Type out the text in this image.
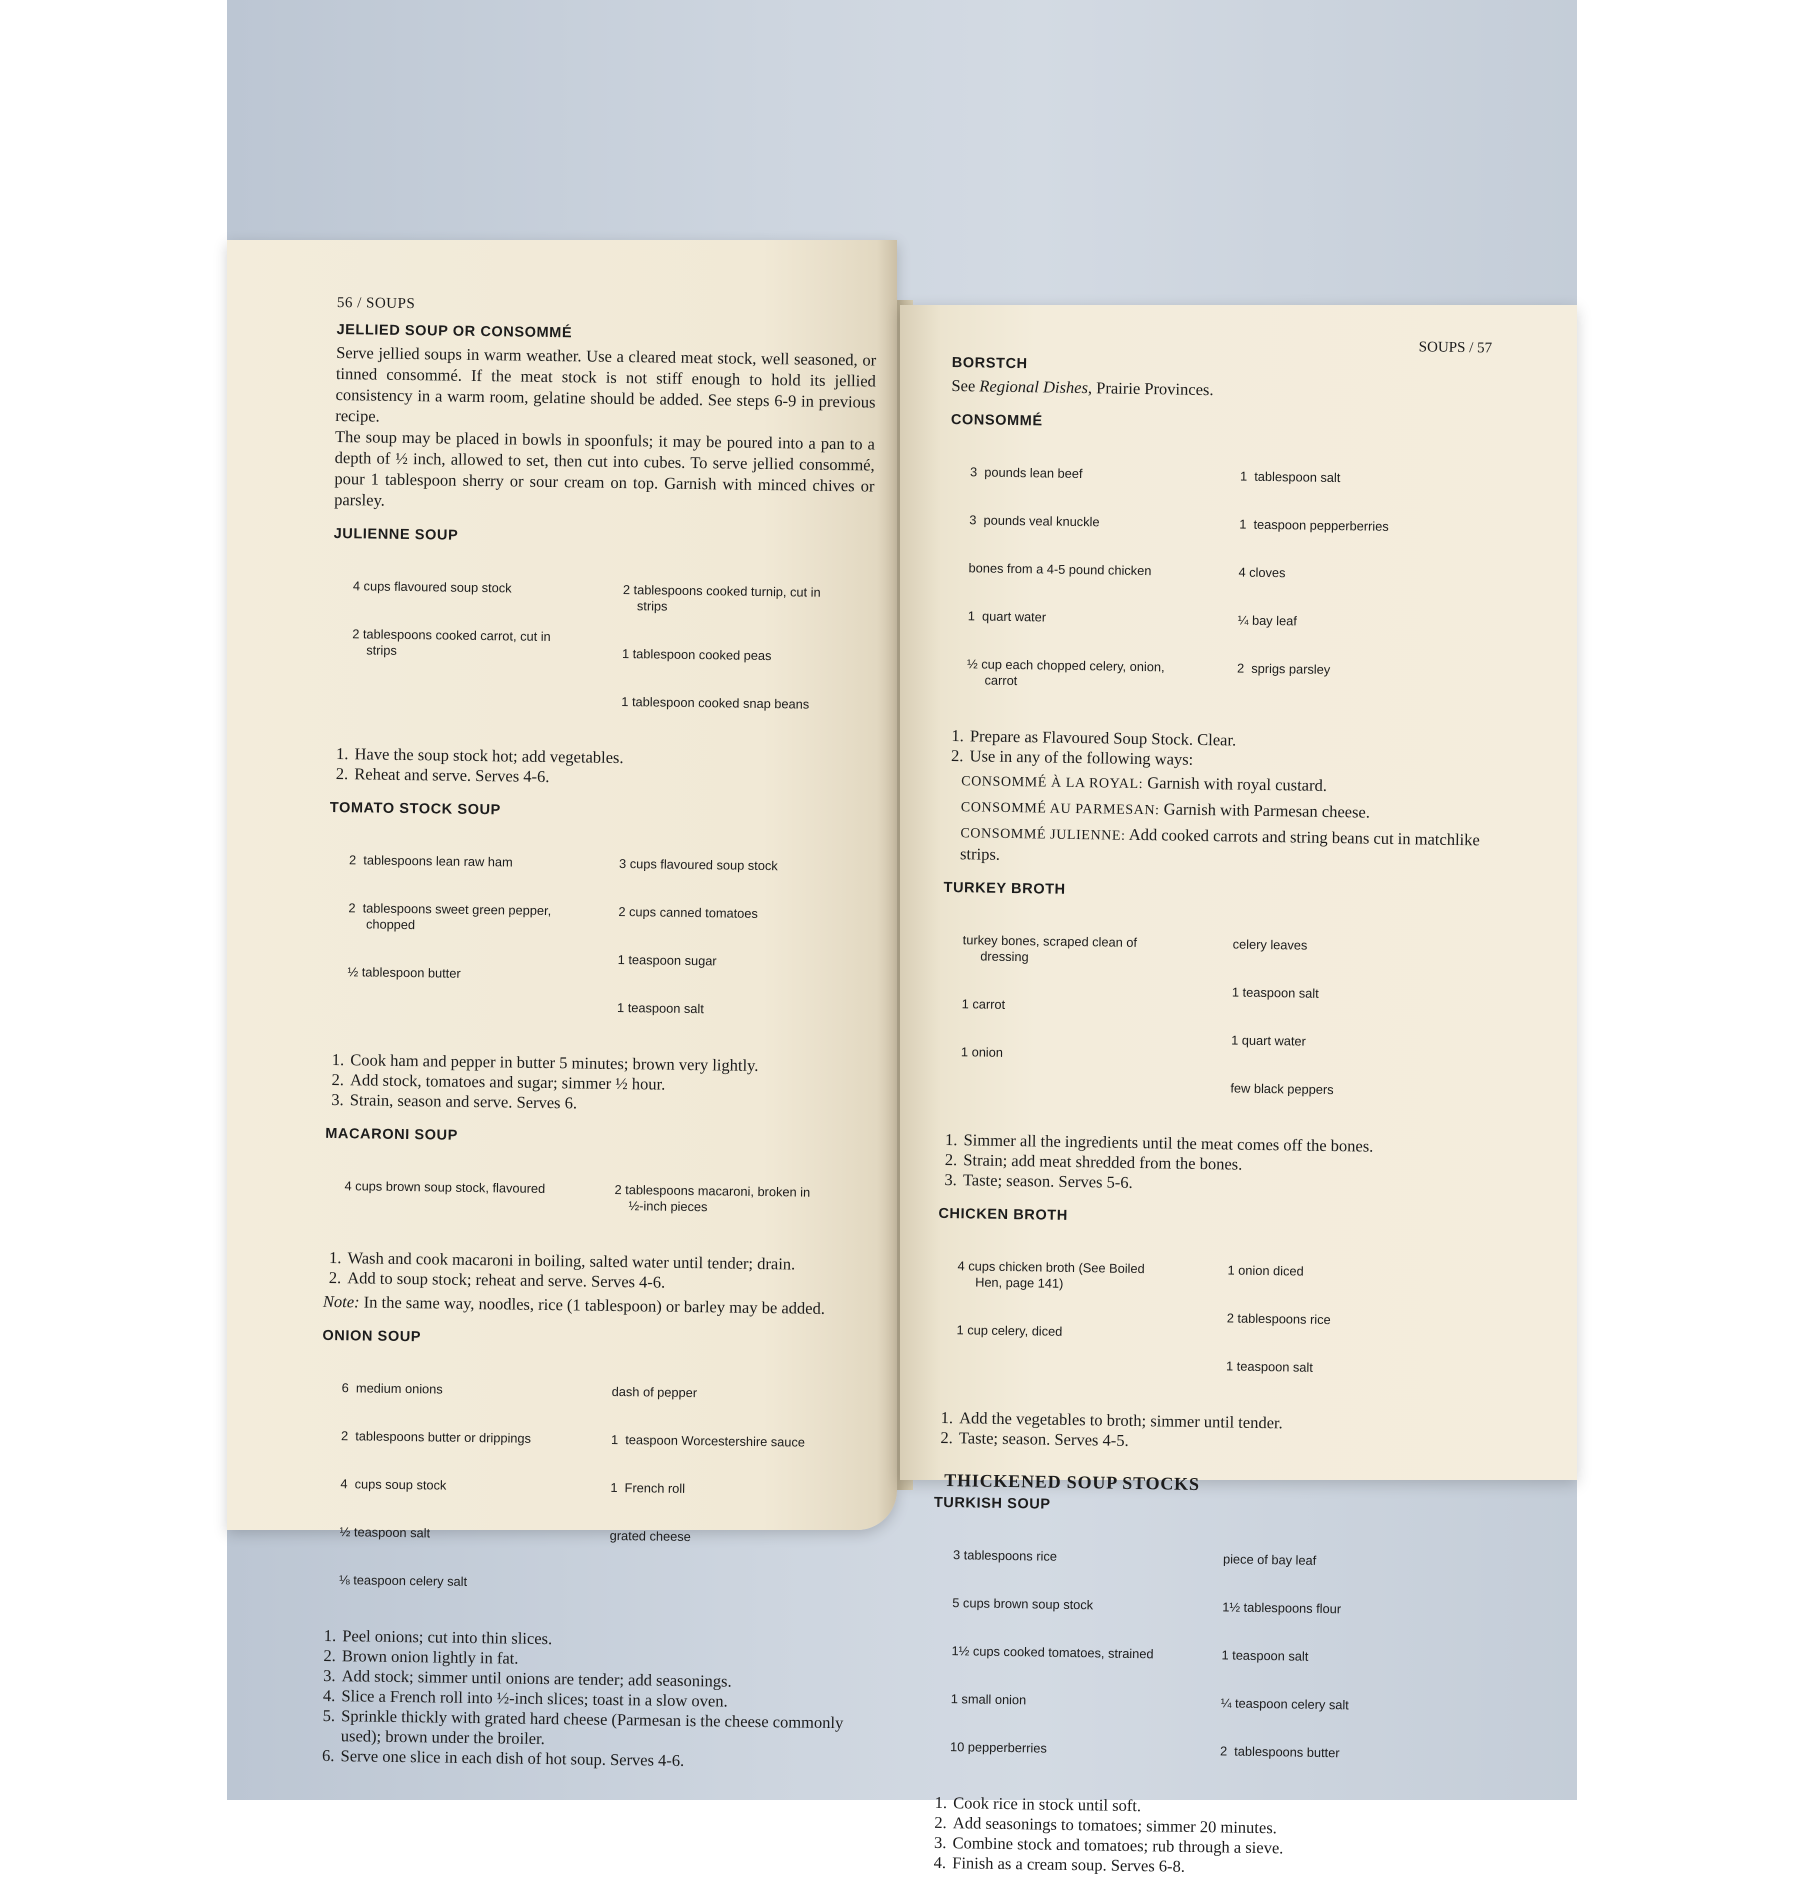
56 / SOUPS
JELLIED SOUP OR CONSOMMÉ

Serve jellied soups in warm weather. Use a cleared meat stock, well seasoned, or tinned consommé. If the meat stock is not stiff enough to hold its jellied consistency in a warm room, gelatine should be added. See steps 6-9 in previous recipe.

The soup may be placed in bowls in spoonfuls; it may be poured into a pan to a depth of ½ inch, allowed to set, then cut into cubes. To serve jellied consommé, pour 1 tablespoon sherry or sour cream on top. Garnish with minced chives or parsley.

JULIENNE SOUP

4 cups flavoured soup stock

2 tablespoons cooked carrot, cut in
strips

2 tablespoons cooked turnip, cut in
strips

1 tablespoon cooked peas

1 tablespoon cooked snap beans

1. Have the soup stock hot; add vegetables.
2. Reheat and serve. Serves 4-6.
TOMATO STOCK SOUP

2  tablespoons lean raw ham

2  tablespoons sweet green pepper,
chopped

½ tablespoon butter

3 cups flavoured soup stock

2 cups canned tomatoes

1 teaspoon sugar

1 teaspoon salt

1. Cook ham and pepper in butter 5 minutes; brown very lightly.
2. Add stock, tomatoes and sugar; simmer ½ hour.
3. Strain, season and serve. Serves 6.
MACARONI SOUP

4 cups brown soup stock, flavoured

	2 tablespoons macaroni, broken in
½-inch pieces

1. Wash and cook macaroni in boiling, salted water until tender; drain.
2. Add to soup stock; reheat and serve. Serves 4-6.
Note: In the same way, noodles, rice (1 tablespoon) or barley may be added.
ONION SOUP

6  medium onions

2  tablespoons butter or drippings

4  cups soup stock

½ teaspoon salt

⅛ teaspoon celery salt

dash of pepper

1  teaspoon Worcestershire sauce

1  French roll

grated cheese

1. Peel onions; cut into thin slices.
2. Brown onion lightly in fat.
3. Add stock; simmer until onions are tender; add seasonings.
4. Slice a French roll into ½-inch slices; toast in a slow oven.
5. Sprinkle thickly with grated hard cheese (Parmesan is the cheese commonly used); brown under the broiler.
6. Serve one slice in each dish of hot soup. Serves 4-6.
SOUPS / 57
BORSTCH

See Regional Dishes, Prairie Provinces.

CONSOMMÉ

3  pounds lean beef

3  pounds veal knuckle

bones from a 4-5 pound chicken

1  quart water

½ cup each chopped celery, onion,
carrot

1  tablespoon salt

1  teaspoon pepperberries

4 cloves

¼ bay leaf

2  sprigs parsley

1. Prepare as Flavoured Soup Stock. Clear.
2. Use in any of the following ways:
CONSOMMÉ À LA ROYAL: Garnish with royal custard.
CONSOMMÉ AU PARMESAN: Garnish with Parmesan cheese.
CONSOMMÉ JULIENNE: Add cooked carrots and string beans cut in matchlike strips.
TURKEY BROTH

turkey bones, scraped clean of
dressing

1 carrot

1 onion

celery leaves

1 teaspoon salt

1 quart water

few black peppers

1. Simmer all the ingredients until the meat comes off the bones.
2. Strain; add meat shredded from the bones.
3. Taste; season. Serves 5-6.
CHICKEN BROTH

4 cups chicken broth (See Boiled
Hen, page 141)

1 cup celery, diced

1 onion diced

2 tablespoons rice

1 teaspoon salt

1. Add the vegetables to broth; simmer until tender.
2. Taste; season. Serves 4-5.
THICKENED SOUP STOCKS
TURKISH SOUP

3 tablespoons rice

5 cups brown soup stock

1½ cups cooked tomatoes, strained

1 small onion

10 pepperberries

piece of bay leaf

1½ tablespoons flour

1 teaspoon salt

¼ teaspoon celery salt

2  tablespoons butter

1. Cook rice in stock until soft.
2. Add seasonings to tomatoes; simmer 20 minutes.
3. Combine stock and tomatoes; rub through a sieve.
4. Finish as a cream soup. Serves 6-8.
